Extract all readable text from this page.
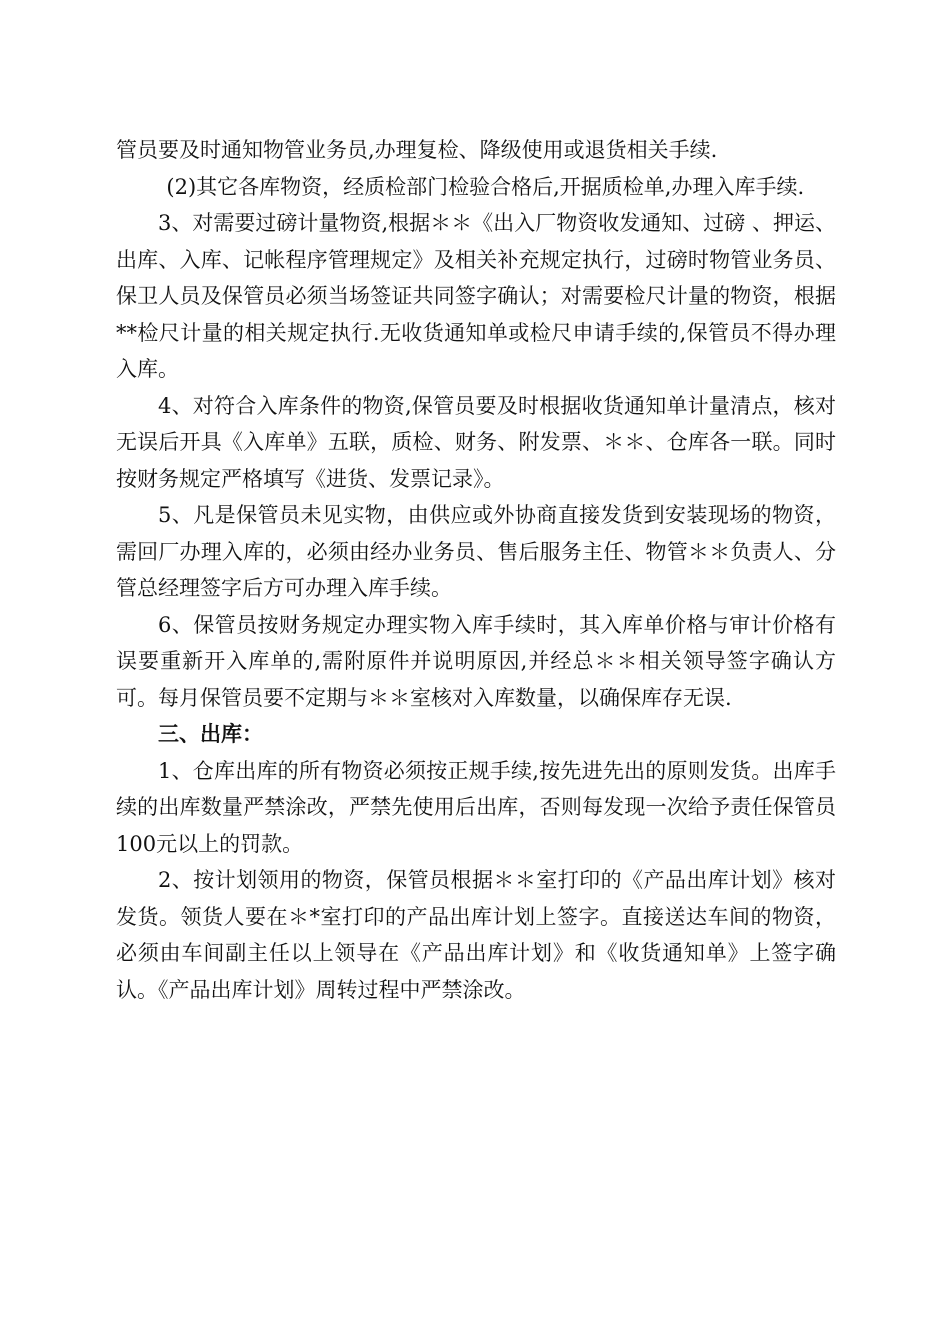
管员要及时通知物管业务员,办理复检、降级使用或退货相关手续.

(2)其它各库物资，经质检部门检验合格后,开据质检单,办理入库手续.

3、对需要过磅计量物资,根据＊＊《出入厂物资收发通知、过磅 、押运、出库、入库、记帐程序管理规定》及相关补充规定执行，过磅时物管业务员、保卫人员及保管员必须当场签证共同签字确认；对需要检尺计量的物资，根据**检尺计量的相关规定执行.无收货通知单或检尺申请手续的,保管员不得办理入库。

4、对符合入库条件的物资,保管员要及时根据收货通知单计量清点，核对无误后开具《入库单》五联，质检、财务、附发票、＊＊、仓库各一联。同时按财务规定严格填写《进货、发票记录》。

5、凡是保管员未见实物，由供应或外协商直接发货到安装现场的物资，需回厂办理入库的，必须由经办业务员、售后服务主任、物管＊＊负责人、分管总经理签字后方可办理入库手续。

6、保管员按财务规定办理实物入库手续时，其入库单价格与审计价格有误要重新开入库单的,需附原件并说明原因,并经总＊＊相关领导签字确认方可。每月保管员要不定期与＊＊室核对入库数量，以确保库存无误.

三、出库：

1、仓库出库的所有物资必须按正规手续,按先进先出的原则发货。出库手续的出库数量严禁涂改，严禁先使用后出库，否则每发现一次给予责任保管员100元以上的罚款。

2、按计划领用的物资，保管员根据＊＊室打印的《产品出库计划》核对发货。领货人要在＊*室打印的产品出库计划上签字。直接送达车间的物资，必须由车间副主任以上领导在《产品出库计划》和《收货通知单》上签字确认。《产品出库计划》周转过程中严禁涂改。
